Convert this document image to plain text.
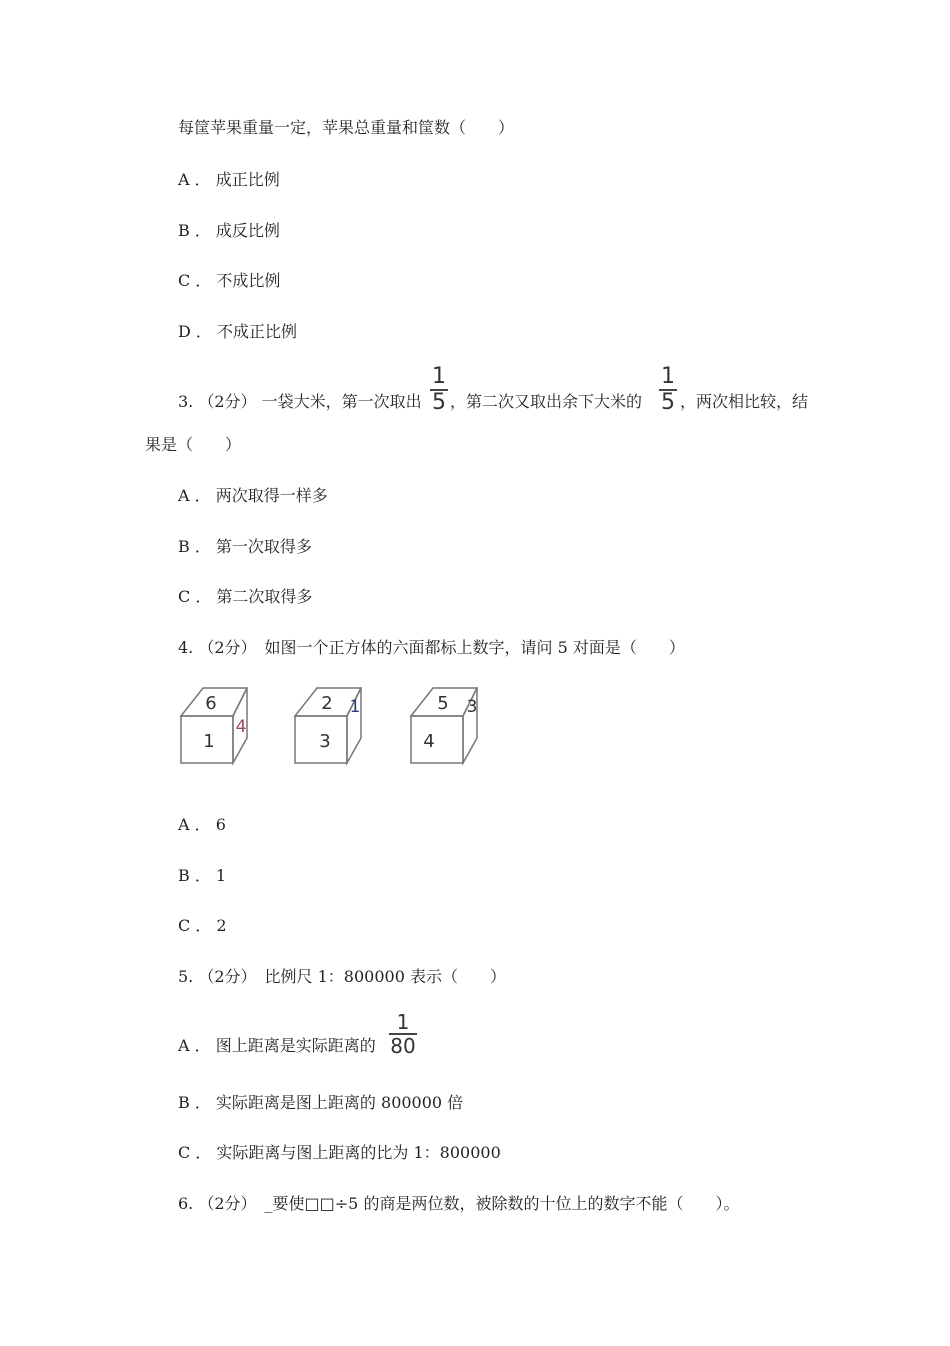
每筐苹果重量一定，苹果总重量和筐数（　　）
A ． 成正比例
B ． 成反比例
C ． 不成比例
D ． 不成正比例
3. （2分） 一袋大米，第一次取出
1
5 ，第二次又取出余下大米的
1
5 ，两次相比较，结
果是（　　）
A ． 两次取得一样多
B ． 第一次取得多
C ． 第二次取得多
4. （2分）　如图一个正方体的六面都标上数字，请问 5 对面是（　　）
6
1
4
2
3
1	5
4
3
A ． 6
B ． 1
C ． 2
5. （2分）　比例尺 1：800000 表示（　　）
A ． 图上距离是实际距离的
1
80
B ． 实际距离是图上距离的 800000 倍
C ． 实际距离与图上距离的比为 1：800000
6. （2分）　_要使□□÷5 的商是两位数，被除数的十位上的数字不能（　　）。
